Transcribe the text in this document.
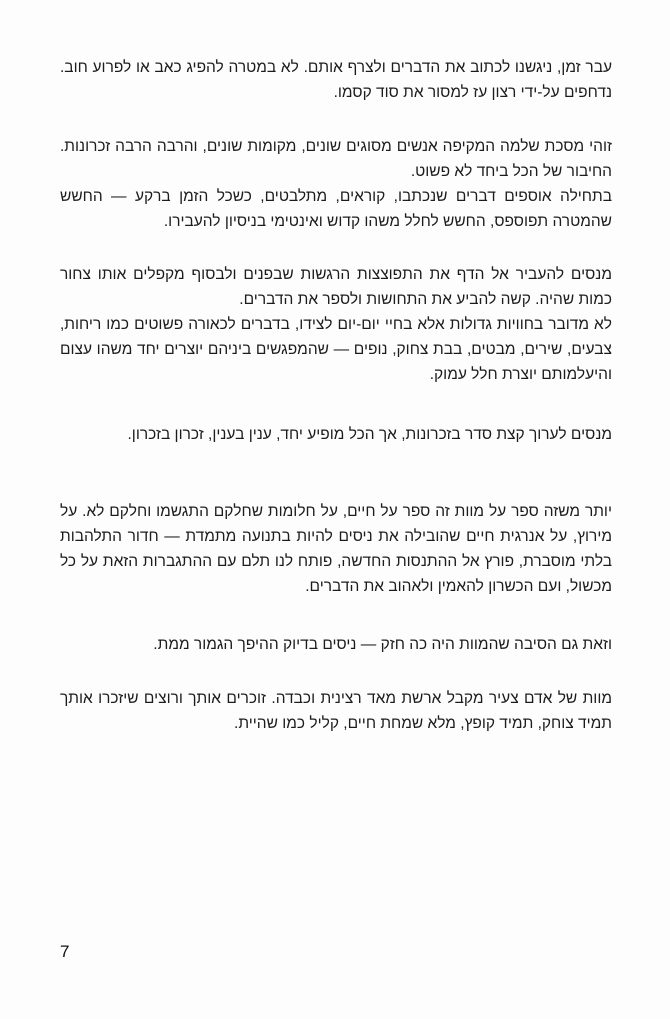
עבר זמן, ניגשנו לכתוב את הדברים ולצרף אותם. לא במטרה להפיג כאב או לפרוע חוב. נדחפים על-ידי רצון עז למסור את סוד קסמו.

זוהי מסכת שלמה המקיפה אנשים מסוגים שונים, מקומות שונים, והרבה הרבה זכרונות. החיבור של הכל ביחד לא פשוט.

בתחילה אוספים דברים שנכתבו, קוראים, מתלבטים, כשכל הזמן ברקע — החשש שהמטרה תפוספס, החשש לחלל משהו קדוש ואינטימי בניסיון להעבירו.

מנסים להעביר אל הדף את התפוצצות הרגשות שבפנים ולבסוף מקפלים אותו צחור כמות שהיה. קשה להביע את התחושות ולספר את הדברים.

לא מדובר בחוויות גדולות אלא בחיי יום-יום לצידו, בדברים לכאורה פשוטים כמו ריחות, צבעים, שירים, מבטים, בבת צחוק, נופים — שהמפגשים ביניהם יוצרים יחד משהו עצום והיעלמותם יוצרת חלל עמוק.

מנסים לערוך קצת סדר בזכרונות, אך הכל מופיע יחד, ענין בענין, זכרון בזכרון.

יותר משזה ספר על מוות זה ספר על חיים, על חלומות שחלקם התגשמו וחלקם לא. על מירוץ, על אנרגית חיים שהובילה את ניסים להיות בתנועה מתמדת — חדור התלהבות בלתי מוסברת, פורץ אל ההתנסות החדשה, פותח לנו תלם עם ההתגברות הזאת על כל מכשול, ועם הכשרון להאמין ולאהוב את הדברים.

וזאת גם הסיבה שהמוות היה כה חזק — ניסים בדיוק ההיפך הגמור ממת.

מוות של אדם צעיר מקבל ארשת מאד רצינית וכבדה. זוכרים אותך ורוצים שיזכרו אותך תמיד צוחק, תמיד קופץ, מלא שמחת חיים, קליל כמו שהיית.

7
